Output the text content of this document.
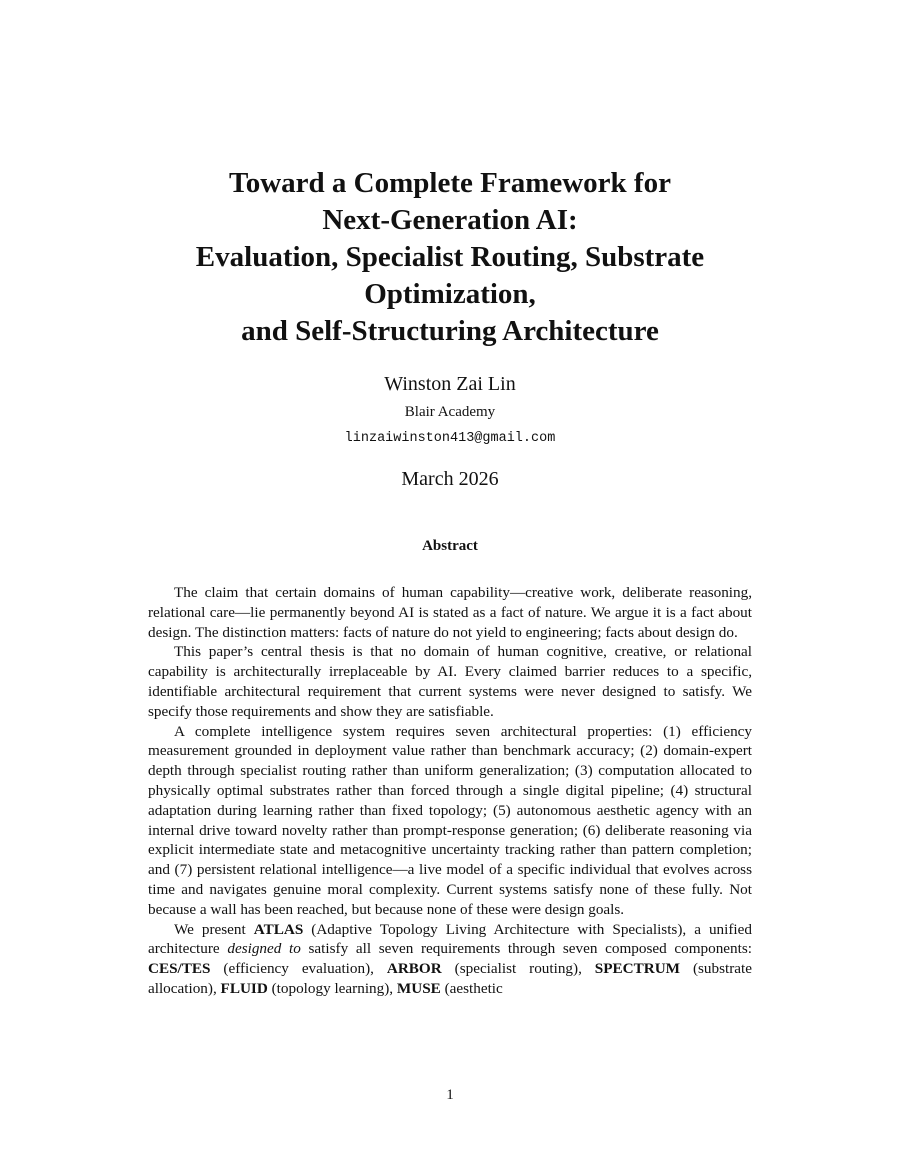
Toward a Complete Framework for
Next-Generation AI:
Evaluation, Specialist Routing, Substrate
Optimization,
and Self-Structuring Architecture
Winston Zai Lin
Blair Academy
linzaiwinston413@gmail.com
March 2026
Abstract

The claim that certain domains of human capability—creative work, deliberate reasoning, relational care—lie permanently beyond AI is stated as a fact of nature. We argue it is a fact about design. The distinction matters: facts of nature do not yield to engineering; facts about design do.

This paper’s central thesis is that no domain of human cognitive, creative, or relational capability is architecturally irreplaceable by AI. Every claimed barrier reduces to a specific, identifiable architectural requirement that current systems were never designed to satisfy. We specify those requirements and show they are satisfiable.

A complete intelligence system requires seven architectural properties: (1) efficiency measurement grounded in deployment value rather than benchmark accuracy; (2) domain-expert depth through specialist routing rather than uniform generalization; (3) computation allocated to physically optimal substrates rather than forced through a single digital pipeline; (4) structural adaptation during learning rather than fixed topology; (5) autonomous aesthetic agency with an internal drive toward novelty rather than prompt-response generation; (6) deliberate reasoning via explicit intermediate state and metacognitive uncertainty tracking rather than pattern completion; and (7) persistent relational intelligence—a live model of a specific individual that evolves across time and navigates genuine moral complexity. Current systems satisfy none of these fully. Not because a wall has been reached, but because none of these were design goals.

We present ATLAS (Adaptive Topology Living Architecture with Specialists), a unified architecture designed to satisfy all seven requirements through seven composed components: CES/TES (efficiency evaluation), ARBOR (specialist routing), SPECTRUM (substrate allocation), FLUID (topology learning), MUSE (aesthetic

1
